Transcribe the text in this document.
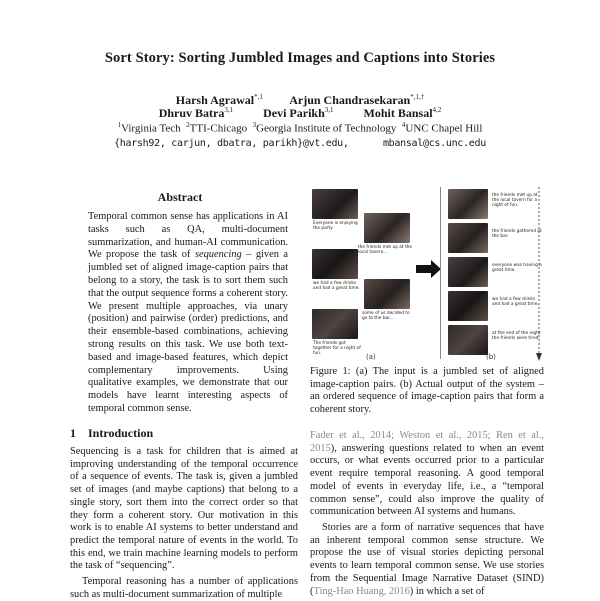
Sort Story: Sorting Jumbled Images and Captions into Stories
Harsh Agrawal$^{*,1}$ Arjun Chandrasekaran$^{*,1,\dagger}$
Dhruv Batra$^{3,1}$	Devi Parikh$^{3,1}$	Mohit Bansal$^{4,2}$
$^1$Virginia Tech $^2$TTI-Chicago $^3$Georgia Institute of Technology $^4$UNC Chapel Hill
{harsh92, carjun, dbatra, parikh}@vt.edu,      mbansal@cs.unc.edu
Abstract
Temporal common sense has applications in AI tasks such as QA, multi-document summarization, and human-AI communication. We propose the task of sequencing – given a jumbled set of aligned image-caption pairs that belong to a story, the task is to sort them such that the output sequence forms a coherent story. We present multiple approaches, via unary (position) and pairwise (order) predictions, and their ensemble-based combinations, achieving strong results on this task. We use both text-based and image-based features, which depict complementary improvements. Using qualitative examples, we demonstrate that our models have learnt interesting aspects of temporal common sense.
1 Introduction
Sequencing is a task for children that is aimed at improving understanding of the temporal occurrence of a sequence of events. The task is, given a jumbled set of images (and maybe captions) that belong to a single story, sort them into the correct order so that they form a coherent story. Our motivation in this work is to enable AI systems to better understand and predict the temporal nature of events in the world. To this end, we train machine learning models to perform the task of “sequencing”.
Temporal reasoning has a number of applications such as multi-document summarization of multiple
Everyone is enjoying the party.
the friends met up at the local tavern...
we had a few drinks and had a great time.
some of us decided to go to the bar...
The friends got together for a night of fun.	(a)
the friends met up at the local tavern for a night of fun.
the friends gathered at the bar.
everyone was having a great time.
we had a few drinks and had a great time.
at the end of the night the friends were tired.
(b)
Figure 1: (a) The input is a jumbled set of aligned image-caption pairs. (b) Actual output of the system – an ordered sequence of image-caption pairs that form a coherent story.
Fader et al., 2014; Weston et al., 2015; Ren et al., 2015), answering questions related to when an event occurs, or what events occurred prior to a particular event require temporal reasoning. A good temporal model of events in everyday life, i.e., a “temporal common sense”, could also improve the quality of communication between AI systems and humans.
Stories are a form of narrative sequences that have an inherent temporal common sense structure. We propose the use of visual stories depicting personal events to learn temporal common sense. We use stories from the Sequential Image Narrative Dataset (SIND) (Ting-Hao Huang, 2016) in which a set of
